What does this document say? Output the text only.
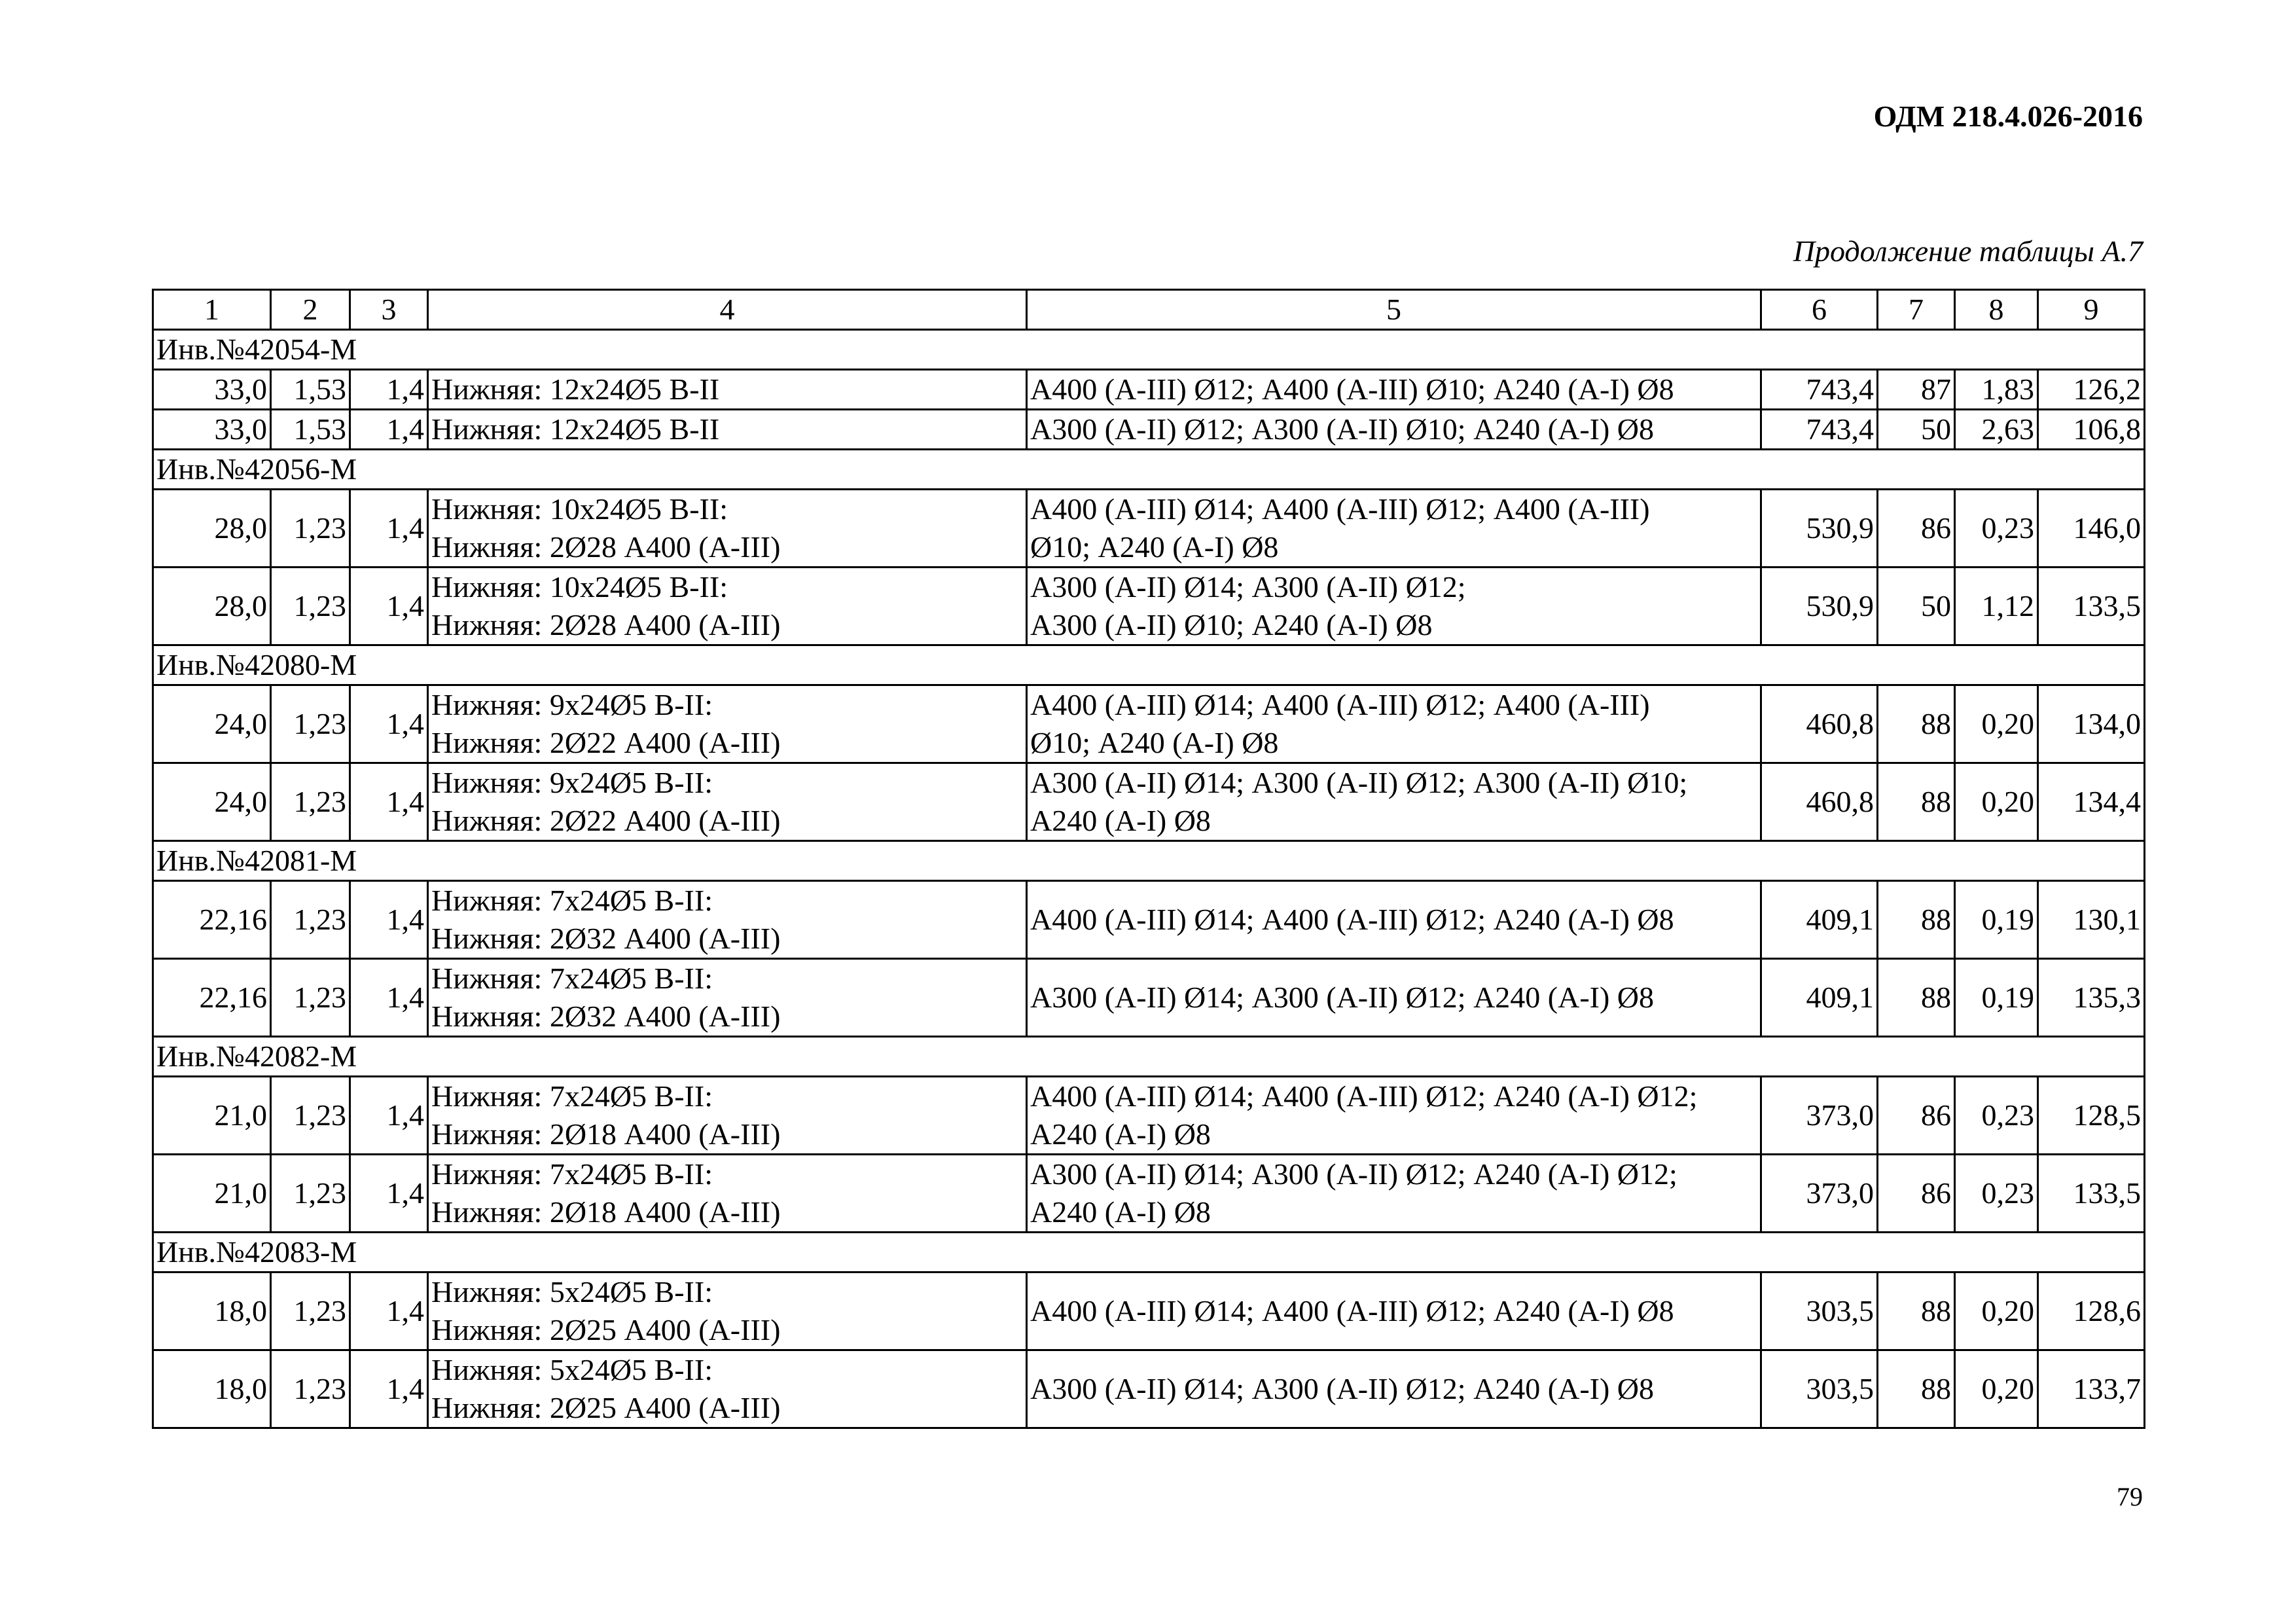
ОДМ 218.4.026-2016
Продолжение таблицы А.7
1	2	3	4	5	6	7	8	9
Инв.№42054-М								
33,0	1,53	1,4	Нижняя: 12х24Ø5 В-II	А400 (А-III) Ø12; А400 (А-III) Ø10; А240 (А-I) Ø8	743,4	87	1,83	126,2
33,0	1,53	1,4	Нижняя: 12х24Ø5 В-II	А300 (А-II) Ø12; А300 (А-II) Ø10; А240 (А-I) Ø8	743,4	50	2,63	106,8
Инв.№42056-М								
28,0	1,23	1,4	Нижняя: 10х24Ø5 В-II:
Нижняя: 2Ø28 А400 (А-III)	А400 (А-III) Ø14; А400 (А-III) Ø12; А400 (А-III)
Ø10; А240 (А-I) Ø8	530,9	86	0,23	146,0
28,0	1,23	1,4	Нижняя: 10х24Ø5 В-II:
Нижняя: 2Ø28 А400 (А-III)	А300 (А-II) Ø14; А300 (А-II) Ø12;
А300 (А-II) Ø10; А240 (А-I) Ø8	530,9	50	1,12	133,5
Инв.№42080-М								
24,0	1,23	1,4	Нижняя: 9х24Ø5 В-II:
Нижняя: 2Ø22 А400 (А-III)	А400 (А-III) Ø14; А400 (А-III) Ø12; А400 (А-III)
Ø10; А240 (А-I) Ø8	460,8	88	0,20	134,0
24,0	1,23	1,4	Нижняя: 9х24Ø5 В-II:
Нижняя: 2Ø22 А400 (А-III)	А300 (А-II) Ø14; А300 (А-II) Ø12; А300 (А-II) Ø10;
А240 (А-I) Ø8	460,8	88	0,20	134,4
Инв.№42081-М								
22,16	1,23	1,4	Нижняя: 7х24Ø5 В-II:
Нижняя: 2Ø32 А400 (А-III)	А400 (А-III) Ø14; А400 (А-III) Ø12; А240 (А-I) Ø8	409,1	88	0,19	130,1
22,16	1,23	1,4	Нижняя: 7х24Ø5 В-II:
Нижняя: 2Ø32 А400 (А-III)	А300 (А-II) Ø14; А300 (А-II) Ø12; А240 (А-I) Ø8	409,1	88	0,19	135,3
Инв.№42082-М								
21,0	1,23	1,4	Нижняя: 7х24Ø5 В-II:
Нижняя: 2Ø18 А400 (А-III)	А400 (А-III) Ø14; А400 (А-III) Ø12; А240 (А-I) Ø12;
А240 (А-I) Ø8	373,0	86	0,23	128,5
21,0	1,23	1,4	Нижняя: 7х24Ø5 В-II:
Нижняя: 2Ø18 А400 (А-III)	А300 (А-II) Ø14; А300 (А-II) Ø12; А240 (А-I) Ø12;
А240 (А-I) Ø8	373,0	86	0,23	133,5
Инв.№42083-М								
18,0	1,23	1,4	Нижняя: 5х24Ø5 В-II:
Нижняя: 2Ø25 А400 (А-III)	А400 (А-III) Ø14; А400 (А-III) Ø12; А240 (А-I) Ø8	303,5	88	0,20	128,6
18,0	1,23	1,4	Нижняя: 5х24Ø5 В-II:
Нижняя: 2Ø25 А400 (А-III)	А300 (А-II) Ø14; А300 (А-II) Ø12; А240 (А-I) Ø8	303,5	88	0,20	133,7
79
